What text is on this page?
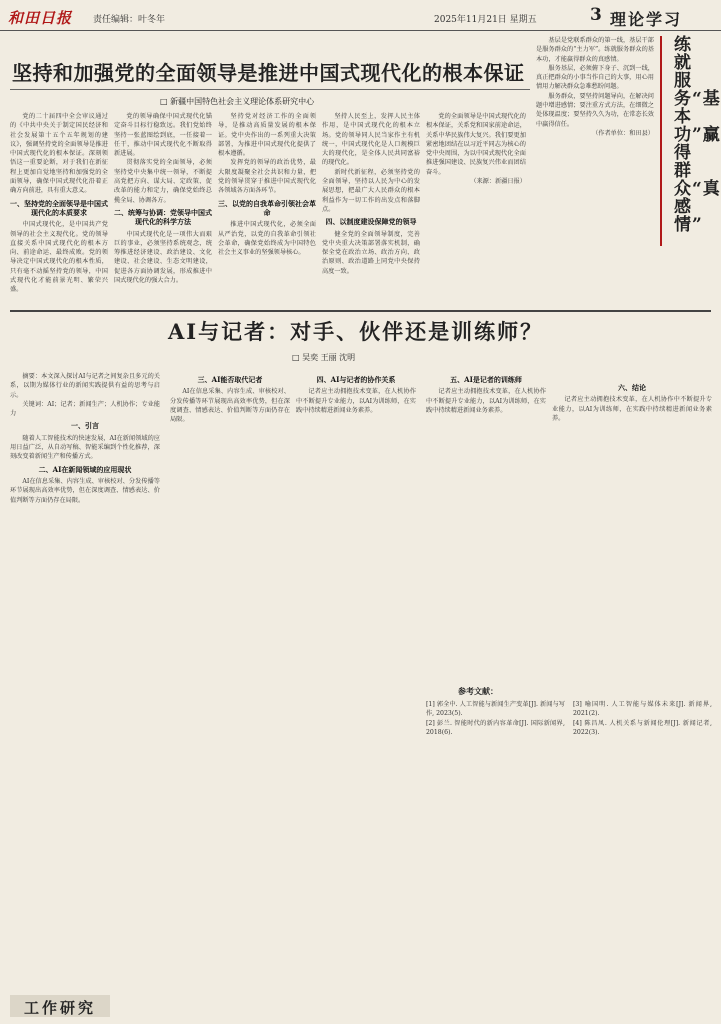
和田日报 责任编辑：叶冬年	2025年11月21日 星期五	3 理论学习
坚持和加强党的全面领导是推进中国式现代化的根本保证
□ 新疆中国特色社会主义理论体系研究中心

党的二十届四中全会审议通过的《中共中央关于制定国民经济和社会发展第十五个五年规划的建议》，强调坚持党的全面领导是推进中国式现代化的根本保证。深刻领悟这一重要论断，对于我们在新征程上更加自觉地坚持和加强党的全面领导，确保中国式现代化沿着正确方向前进，具有重大意义。

一、坚持党的全面领导是中国式现代化的本质要求

中国式现代化，是中国共产党领导的社会主义现代化。党的领导直接关系中国式现代化的根本方向、前途命运、最终成败。党的领导决定中国式现代化的根本性质，只有毫不动摇坚持党的领导，中国式现代化才能前景光明、繁荣兴盛。

党的领导确保中国式现代化锚定奋斗目标行稳致远。我们党始终坚持一张蓝图绘到底，一任接着一任干，推动中国式现代化不断取得新进展。

贯彻落实党的全面领导，必须坚持党中央集中统一领导，不断提高党把方向、谋大局、定政策、促改革的能力和定力，确保党始终总揽全局、协调各方。

二、统筹与协调：党领导中国式现代化的科学方法

中国式现代化是一项伟大而艰巨的事业，必须坚持系统观念，统筹推进经济建设、政治建设、文化建设、社会建设、生态文明建设，促进各方面协调发展，形成推进中国式现代化的强大合力。

坚持党对经济工作的全面领导，是推动高质量发展的根本保证。党中央作出的一系列重大决策部署，为推进中国式现代化提供了根本遵循。

发挥党的领导的政治优势，最大限度凝聚全社会共识和力量，把党的领导贯穿于推进中国式现代化各领域各方面各环节。

三、以党的自我革命引领社会革命

推进中国式现代化，必须全面从严治党，以党的自我革命引领社会革命，确保党始终成为中国特色社会主义事业的坚强领导核心。

坚持人民至上，发挥人民主体作用，是中国式现代化的根本立场。党的领导同人民当家作主有机统一，中国式现代化是人口规模巨大的现代化，是全体人民共同富裕的现代化。

新时代新征程，必须坚持党的全面领导，坚持以人民为中心的发展思想，把最广大人民群众的根本利益作为一切工作的出发点和落脚点。

四、以制度建设保障党的领导

健全党的全面领导制度，完善党中央重大决策部署落实机制，确保全党在政治立场、政治方向、政治原则、政治道路上同党中央保持高度一致。

党的全面领导是中国式现代化的根本保证，关系党和国家前途命运，关系中华民族伟大复兴。我们要更加紧密地团结在以习近平同志为核心的党中央周围，为以中国式现代化全面推进强国建设、民族复兴伟业而团结奋斗。

（来源：新疆日报）

练就服务“基本功”赢得群众“真感情”

基层是党联系群众的第一线，基层干部是服务群众的“主力军”。练就服务群众的基本功，才能赢得群众的真感情。

服务基层，必须俯下身子、沉到一线，真正把群众的小事当作自己的大事，用心用情用力解决群众急难愁盼问题。

服务群众，要坚持问题导向，在解决问题中增进感情；要注重方式方法，在细微之处体现温度；要坚持久久为功，在常态长效中赢得信任。

（作者单位：和田县）

AI与记者：对手、伙伴还是训练师？
□ 吴奕 王丽 沈明

摘要：本文深入探讨AI与记者之间复杂且多元的关系，以期为媒体行业的新闻实践提供有益的思考与启示。

关键词：AI；记者；新闻生产；人机协作；专业能力

一、引言

随着人工智能技术的快速发展，AI在新闻领域的应用日益广泛，从自动写稿、智能采编到个性化推荐，深刻改变着新闻生产和传播方式。

二、AI在新闻领域的应用现状

AI在信息采集、内容生成、审核校对、分发传播等环节展现出高效率优势，但在深度调查、情感表达、价值判断等方面仍存在局限。

三、AI能否取代记者

AI在信息采集、内容生成、审核校对、分发传播等环节展现出高效率优势，但在深度调查、情感表达、价值判断等方面仍存在局限。

四、AI与记者的协作关系

记者应主动拥抱技术变革，在人机协作中不断提升专业能力，以AI为训练师，在实践中持续精进新闻业务素养。

五、AI是记者的训练师

记者应主动拥抱技术变革，在人机协作中不断提升专业能力，以AI为训练师，在实践中持续精进新闻业务素养。

六、结论

记者应主动拥抱技术变革，在人机协作中不断提升专业能力，以AI为训练师，在实践中持续精进新闻业务素养。

参考文献：

[1] 郭全中. 人工智能与新闻生产变革[J]. 新闻与写作, 2023(5).

[2] 彭兰. 智能时代的新内容革命[J]. 国际新闻界, 2018(6).

[3] 喻国明. 人工智能与媒体未来[J]. 新闻界, 2021(2).

[4] 陈昌凤. 人机关系与新闻伦理[J]. 新闻记者, 2022(3).

工作研究
